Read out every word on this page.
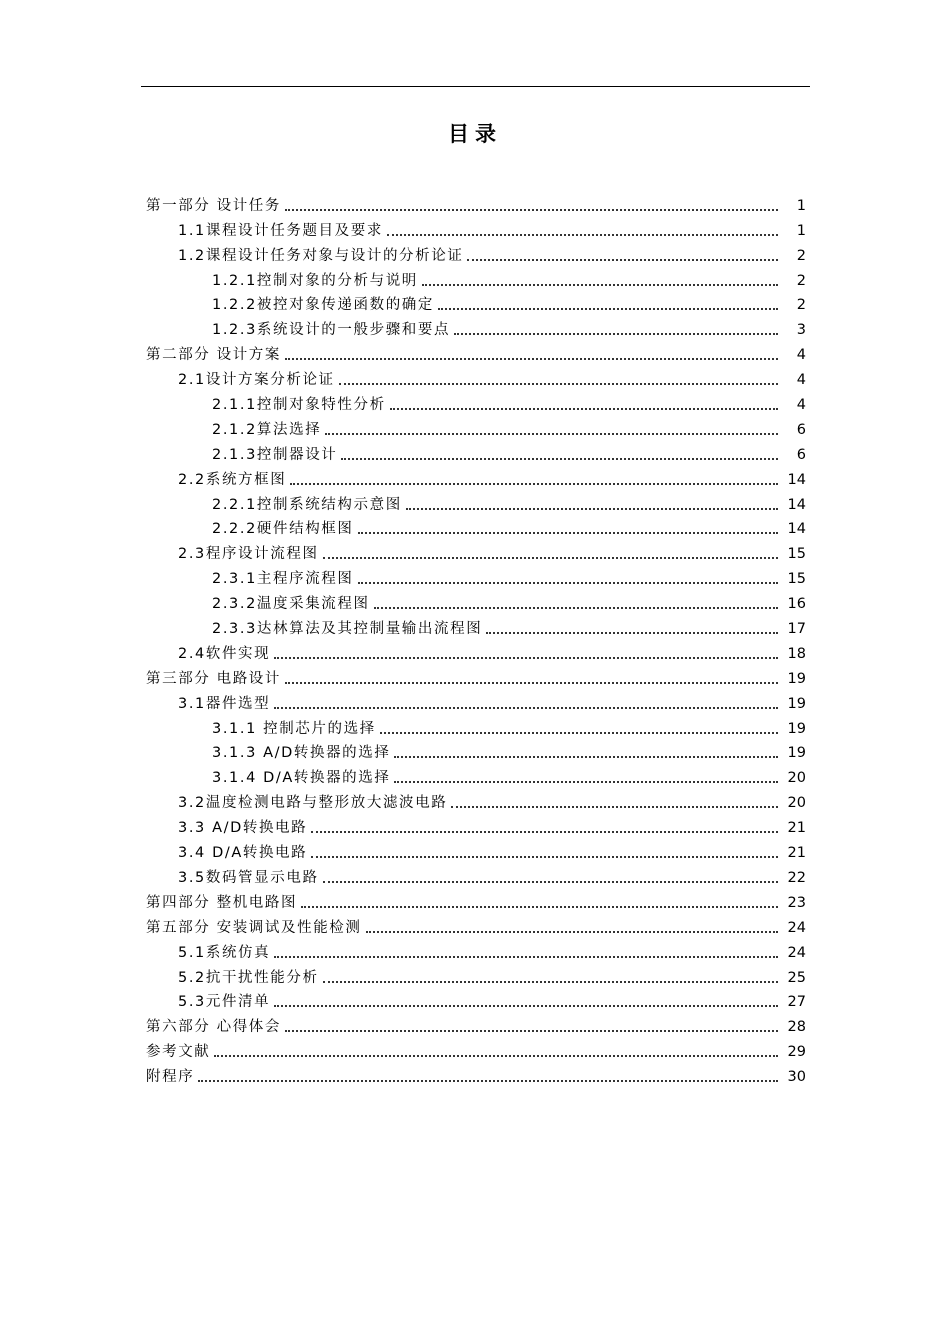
目录
第一部分 设计任务	1
1.1课程设计任务题目及要求	1
1.2课程设计任务对象与设计的分析论证	2
1.2.1控制对象的分析与说明	2
1.2.2被控对象传递函数的确定	2
1.2.3系统设计的一般步骤和要点	3
第二部分 设计方案	4
2.1设计方案分析论证	4
2.1.1控制对象特性分析	4
2.1.2算法选择	6
2.1.3控制器设计	6
2.2系统方框图	14
2.2.1控制系统结构示意图	14
2.2.2硬件结构框图	14
2.3程序设计流程图	15
2.3.1主程序流程图	15
2.3.2温度采集流程图	16
2.3.3达林算法及其控制量输出流程图	17
2.4软件实现	18
第三部分 电路设计	19
3.1器件选型	19
3.1.1 控制芯片的选择	19
3.1.3 A/D转换器的选择	19
3.1.4 D/A转换器的选择	20
3.2温度检测电路与整形放大滤波电路	20
3.3 A/D转换电路	21
3.4 D/A转换电路	21
3.5数码管显示电路	22
第四部分 整机电路图	23
第五部分 安装调试及性能检测	24
5.1系统仿真	24
5.2抗干扰性能分析	25
5.3元件清单	27
第六部分 心得体会	28
参考文献	29
附程序	30
